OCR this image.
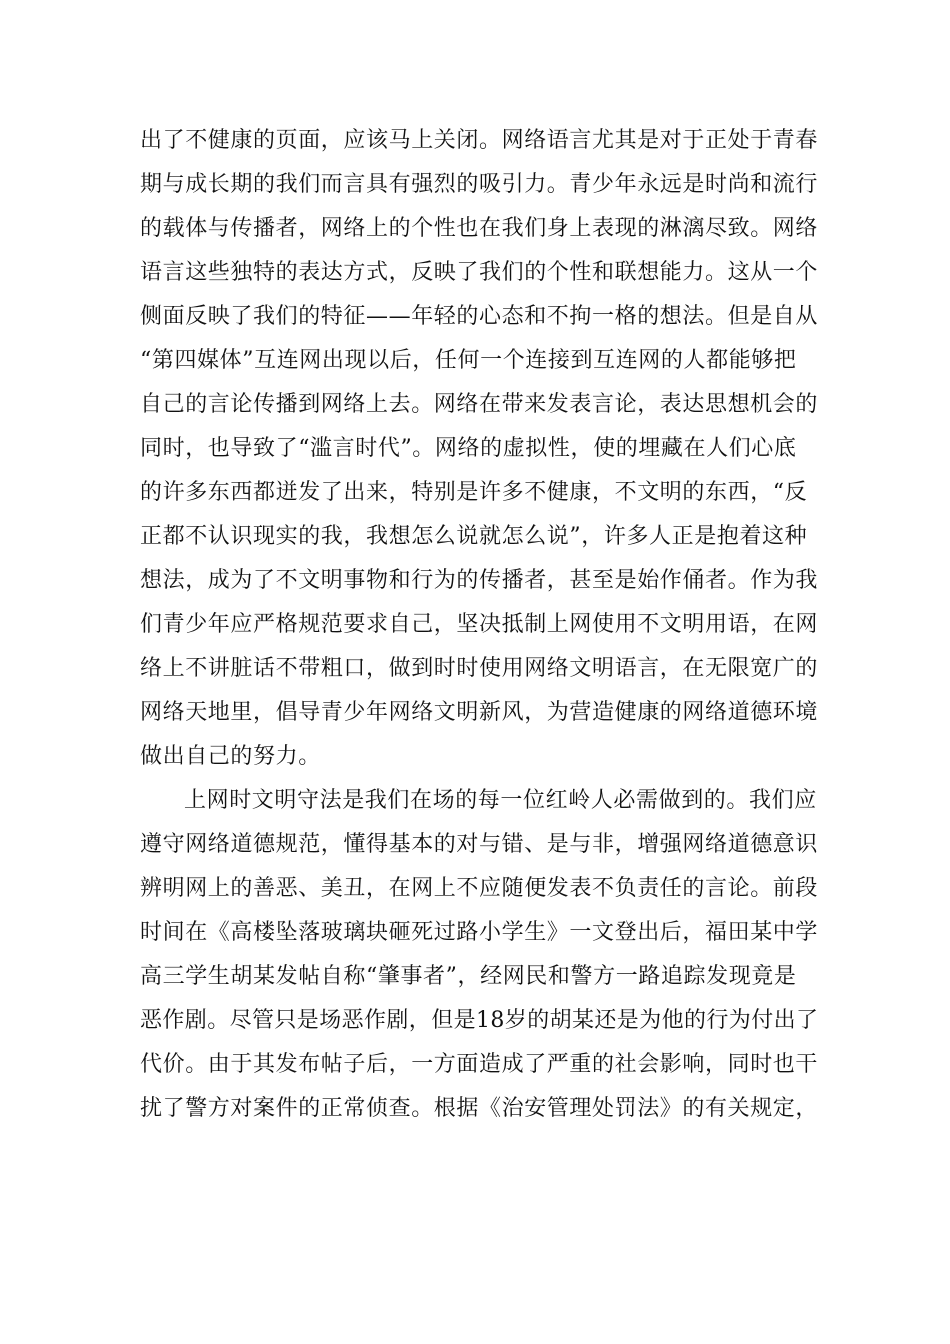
出了不健康的页面，应该马上关闭。网络语言尤其是对于正处于青春
期与成长期的我们而言具有强烈的吸引力。青少年永远是时尚和流行
的载体与传播者，网络上的个性也在我们身上表现的淋漓尽致。网络
语言这些独特的表达方式，反映了我们的个性和联想能力。这从一个
侧面反映了我们的特征——年轻的心态和不拘一格的想法。但是自从
“第四媒体”互连网出现以后，任何一个连接到互连网的人都能够把
自己的言论传播到网络上去。网络在带来发表言论，表达思想机会的
同时，也导致了“滥言时代”。网络的虚拟性，使的埋藏在人们心底
的许多东西都迸发了出来，特别是许多不健康，不文明的东西，“反
正都不认识现实的我，我想怎么说就怎么说”，许多人正是抱着这种
想法，成为了不文明事物和行为的传播者，甚至是始作俑者。作为我
们青少年应严格规范要求自己，坚决抵制上网使用不文明用语，在网
络上不讲脏话不带粗口，做到时时使用网络文明语言，在无限宽广的
网络天地里，倡导青少年网络文明新风，为营造健康的网络道德环境
做出自己的努力。
上网时文明守法是我们在场的每一位红岭人必需做到的。我们应
遵守网络道德规范，懂得基本的对与错、是与非，增强网络道德意识
辨明网上的善恶、美丑，在网上不应随便发表不负责任的言论。前段
时间在《高楼坠落玻璃块砸死过路小学生》一文登出后，福田某中学
高三学生胡某发帖自称“肇事者”，经网民和警方一路追踪发现竟是
恶作剧。尽管只是场恶作剧，但是18岁的胡某还是为他的行为付出了
代价。由于其发布帖子后，一方面造成了严重的社会影响，同时也干
扰了警方对案件的正常侦查。根据《治安管理处罚法》的有关规定，
